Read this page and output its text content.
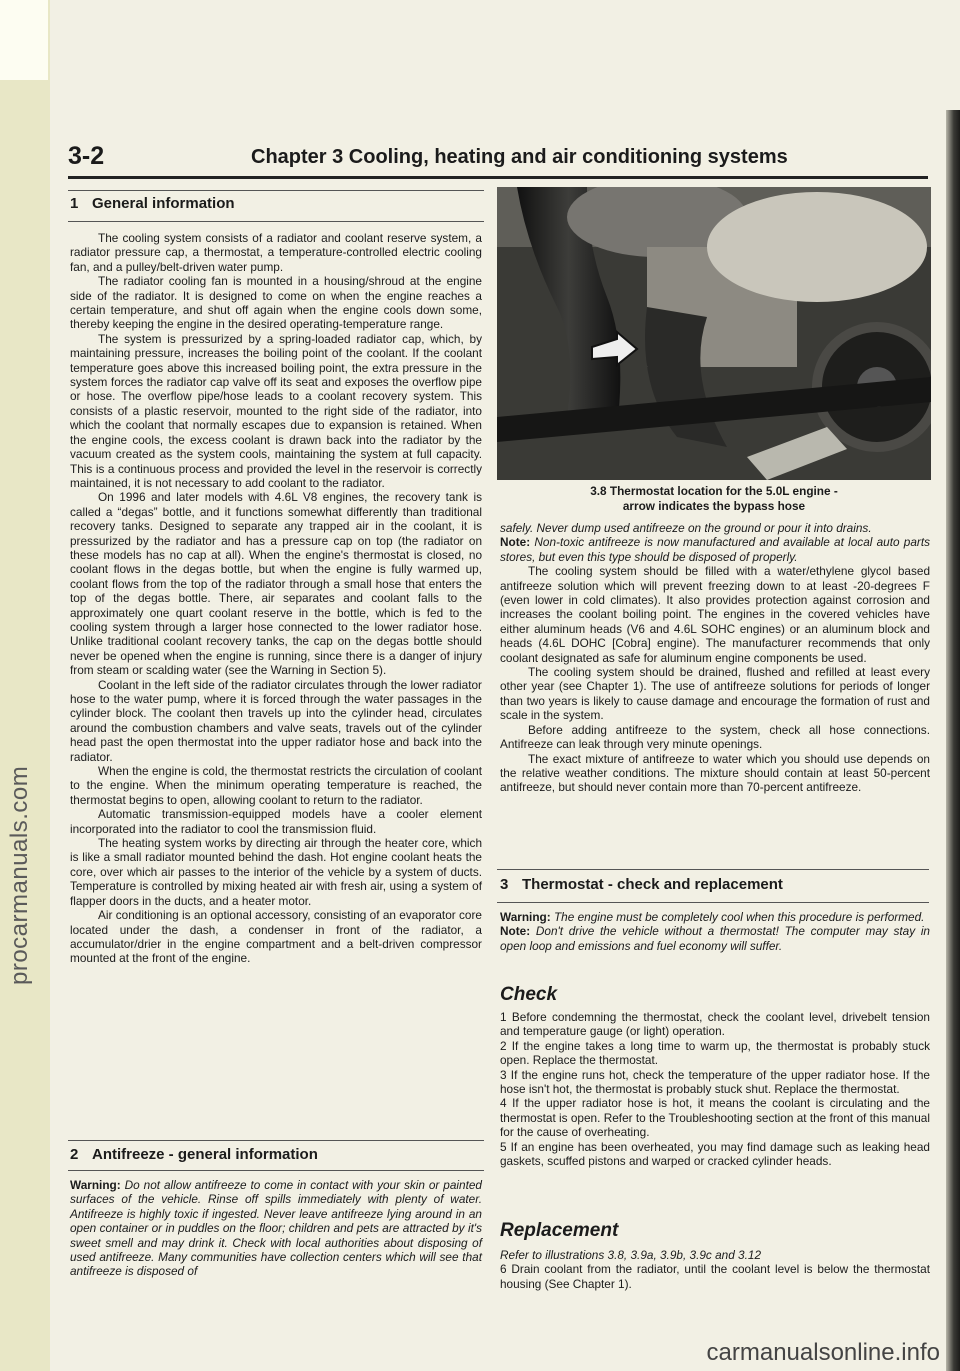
carmanualsonline.info
3-2	Chapter 3 Cooling, heating and air conditioning systems
1 General information

The cooling system consists of a radiator and coolant reserve system, a radiator pressure cap, a thermostat, a temperature-controlled electric cooling fan, and a pulley/belt-driven water pump.

The radiator cooling fan is mounted in a housing/shroud at the engine side of the radiator. It is designed to come on when the engine reaches a certain temperature, and shut off again when the engine cools down some, thereby keeping the engine in the desired operating-temperature range.

The system is pressurized by a spring-loaded radiator cap, which, by maintaining pressure, increases the boiling point of the coolant. If the coolant temperature goes above this increased boiling point, the extra pressure in the system forces the radiator cap valve off its seat and exposes the overflow pipe or hose. The overflow pipe/hose leads to a coolant recovery system. This consists of a plastic reservoir, mounted to the right side of the radiator, into which the coolant that normally escapes due to expansion is retained. When the engine cools, the excess coolant is drawn back into the radiator by the vacuum created as the system cools, maintaining the system at full capacity. This is a continuous process and provided the level in the reservoir is correctly maintained, it is not necessary to add coolant to the radiator.

On 1996 and later models with 4.6L V8 engines, the recovery tank is called a “degas” bottle, and it functions somewhat differently than traditional recovery tanks. Designed to separate any trapped air in the coolant, it is pressurized by the radiator and has a pressure cap on top (the radiator on these models has no cap at all). When the engine's thermostat is closed, no coolant flows in the degas bottle, but when the engine is fully warmed up, coolant flows from the top of the radiator through a small hose that enters the top of the degas bottle. There, air separates and coolant falls to the approximately one quart coolant reserve in the bottle, which is fed to the cooling system through a larger hose connected to the lower radiator hose. Unlike traditional coolant recovery tanks, the cap on the degas bottle should never be opened when the engine is running, since there is a danger of injury from steam or scalding water (see the Warning in Section 5).

Coolant in the left side of the radiator circulates through the lower radiator hose to the water pump, where it is forced through the water passages in the cylinder block. The coolant then travels up into the cylinder head, circulates around the combustion chambers and valve seats, travels out of the cylinder head past the open thermostat into the upper radiator hose and back into the radiator.

When the engine is cold, the thermostat restricts the circulation of coolant to the engine. When the minimum operating temperature is reached, the thermostat begins to open, allowing coolant to return to the radiator.

Automatic transmission-equipped models have a cooler element incorporated into the radiator to cool the transmission fluid.

The heating system works by directing air through the heater core, which is like a small radiator mounted behind the dash. Hot engine coolant heats the core, over which air passes to the interior of the vehicle by a system of ducts. Temperature is controlled by mixing heated air with fresh air, using a system of flapper doors in the ducts, and a heater motor.

Air conditioning is an optional accessory, consisting of an evaporator core located under the dash, a condenser in front of the radiator, a accumulator/drier in the engine compartment and a belt-driven compressor mounted at the front of the engine.

2 Antifreeze - general information

Warning: Do not allow antifreeze to come in contact with your skin or painted surfaces of the vehicle. Rinse off spills immediately with plenty of water. Antifreeze is highly toxic if ingested. Never leave antifreeze lying around in an open container or in puddles on the floor; children and pets are attracted by it's sweet smell and may drink it. Check with local authorities about disposing of used antifreeze. Many communities have collection centers which will see that antifreeze is disposed of

3.8 Thermostat location for the 5.0L engine -
arrow indicates the bypass hose

safely. Never dump used antifreeze on the ground or pour it into drains.

Note: Non-toxic antifreeze is now manufactured and available at local auto parts stores, but even this type should be disposed of properly.

The cooling system should be filled with a water/ethylene glycol based antifreeze solution which will prevent freezing down to at least -20-degrees F (even lower in cold climates). It also provides protection against corrosion and increases the coolant boiling point. The engines in the covered vehicles have either aluminum heads (V6 and 4.6L SOHC engines) or an aluminum block and heads (4.6L DOHC [Cobra] engine). The manufacturer recommends that only coolant designated as safe for aluminum engine components be used.

The cooling system should be drained, flushed and refilled at least every other year (see Chapter 1). The use of antifreeze solutions for periods of longer than two years is likely to cause damage and encourage the formation of rust and scale in the system.

Before adding antifreeze to the system, check all hose connections. Antifreeze can leak through very minute openings.

The exact mixture of antifreeze to water which you should use depends on the relative weather conditions. The mixture should contain at least 50-percent antifreeze, but should never contain more than 70-percent antifreeze.

3 Thermostat - check and replacement

Warning: The engine must be completely cool when this procedure is performed.

Note: Don't drive the vehicle without a thermostat! The computer may stay in open loop and emissions and fuel economy will suffer.

Check

1 Before condemning the thermostat, check the coolant level, drivebelt tension and temperature gauge (or light) operation.

2 If the engine takes a long time to warm up, the thermostat is probably stuck open. Replace the thermostat.

3 If the engine runs hot, check the temperature of the upper radiator hose. If the hose isn't hot, the thermostat is probably stuck shut. Replace the thermostat.

4 If the upper radiator hose is hot, it means the coolant is circulating and the thermostat is open. Refer to the Troubleshooting section at the front of this manual for the cause of overheating.

5 If an engine has been overheated, you may find damage such as leaking head gaskets, scuffed pistons and warped or cracked cylinder heads.

Replacement

Refer to illustrations 3.8, 3.9a, 3.9b, 3.9c and 3.12

6 Drain coolant from the radiator, until the coolant level is below the thermostat housing (See Chapter 1).
